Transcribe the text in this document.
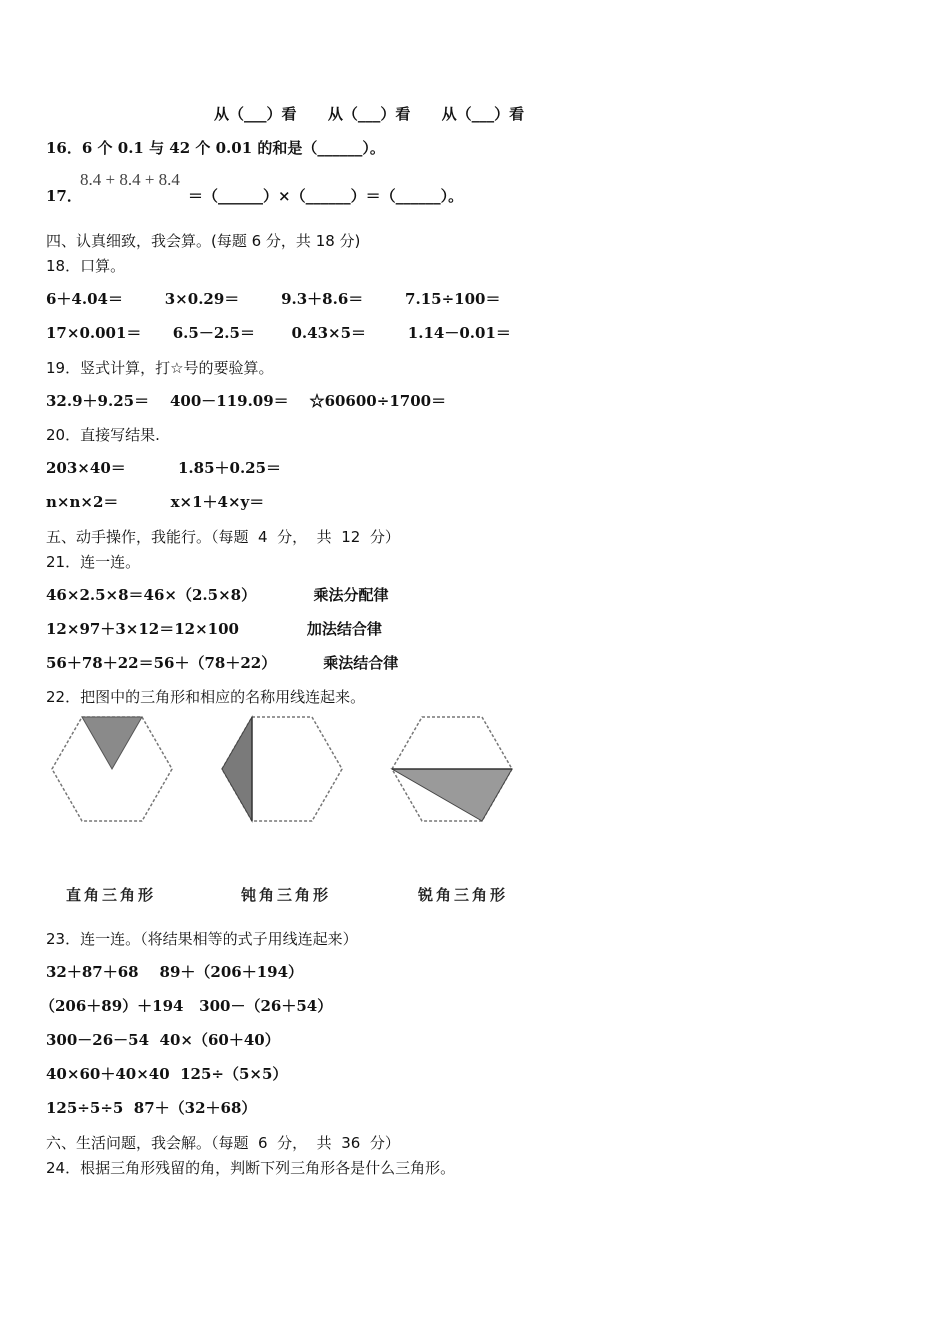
从（___）看      从（___）看      从（___）看
16．6 个 0.1 与 42 个 0.01 的和是（______）。
17．
8.4 + 8.4 + 8.4
＝（______）×（______）＝（______）。
四、认真细致，我会算。(每题 6 分，共 18 分)
18．口算。
6＋4.04＝        3×0.29＝        9.3＋8.6＝        7.15÷100＝
17×0.001＝      6.5－2.5＝       0.43×5＝        1.14－0.01＝
19．竖式计算，打☆号的要验算。
32.9＋9.25＝    400－119.09＝    ☆60600÷1700＝
20．直接写结果.
203×40＝          1.85＋0.25＝
n×n×2＝          x×1＋4×y＝
五、动手操作，我能行。（每题  4  分，  共  12  分）
21．连一连。
46×2.5×8＝46×（2.5×8）           乘法分配律
12×97＋3×12＝12×100             加法结合律
56＋78＋22＝56＋（78＋22）         乘法结合律
22．把图中的三角形和相应的名称用线连起来。
直角三角形	钝角三角形	锐角三角形
23．连一连。（将结果相等的式子用线连起来）
32＋87＋68    89＋（206＋194）
（206＋89）＋194   300－（26＋54）
300－26－54  40×（60＋40）
40×60＋40×40  125÷（5×5）
125÷5÷5  87＋（32＋68）
六、生活问题，我会解。（每题  6  分，  共  36  分）
24．根据三角形残留的角，判断下列三角形各是什么三角形。
